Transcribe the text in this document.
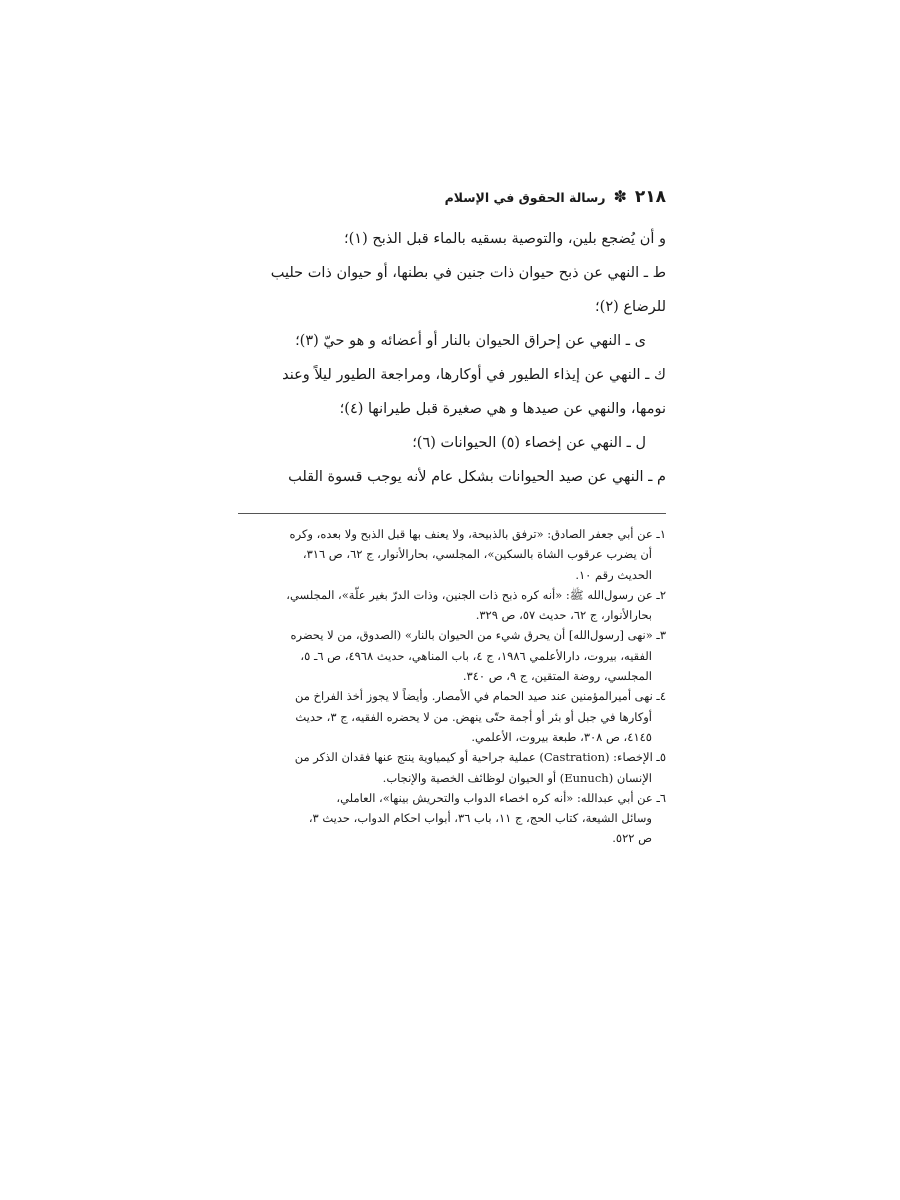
٢١٨
✽
رسالة الحقوق في الإسلام
و أن يُضجع بلين، والتوصية بسقيه بالماء قبل الذبح (١)؛
ط ـ النهي عن ذبح حيوان ذات جنين في بطنها، أو حيوان ذات حليب
للرضاع (٢)؛
ى ـ النهي عن إحراق الحيوان بالنار أو أعضائه و هو حيّ (٣)؛
ك ـ النهي عن إيذاء الطيور في أوكارها، ومراجعة الطيور ليلاً وعند
نومها، والنهي عن صيدها و هي صغيرة قبل طيرانها (٤)؛
ل ـ النهي عن إخصاء (٥) الحيوانات (٦)؛
م ـ النهي عن صيد الحيوانات بشكل عام لأنه يوجب قسوة القلب
١ـ عن أبي جعفر الصادق: «ترفق بالذبيحة، ولا يعنف بها قبل الذبح ولا بعده، وكره
أن يضرب عرقوب الشاة بالسكين»، المجلسي، بحارالأنوار، ج ٦٢، ص ٣١٦،
الحديث رقم ١٠.
٢ـ عن رسول‌الله ﷺ: «أنه كره ذبح ذات الجنين، وذات الدرّ بغير علّة»، المجلسي،
بحارالأنوار، ج ٦٢، حديث ٥٧، ص ٣٢٩.
٣ـ «نهى [رسول‌الله] أن يحرق شيء من الحيوان بالنار» (الصدوق، من لا يحضره
الفقيه، بيروت، دارالأعلمي ١٩٨٦، ج ٤، باب المناهي، حديث ٤٩٦٨، ص ٦ـ ٥،
المجلسي، روضة المتقين، ج ٩، ص ٣٤٠.
٤ـ نهى أميرالمؤمنين عند صيد الحمام في الأمصار. وأيضاً لا يجوز أخذ الفراخ من
أوكارها في جبل أو بئر أو أجمة حتّى ينهض. من لا يحضره الفقيه، ج ٣، حديث
٤١٤٥، ص ٣٠٨، طبعة بيروت، الأعلمي.
٥ـ الإخصاء: (Castration) عملية جراحية أو كيمياوية ينتج عنها فقدان الذكر من
الإنسان (Eunuch) أو الحيوان لوظائف الخصية والإنجاب.
٦ـ عن أبي عبدالله: «أنه كره اخصاء الدواب والتحريش بينها»، العاملي،
وسائل الشيعة، كتاب الحج، ج ١١، باب ٣٦، أبواب احكام الدواب، حديث ٣،
ص ٥٢٢.
